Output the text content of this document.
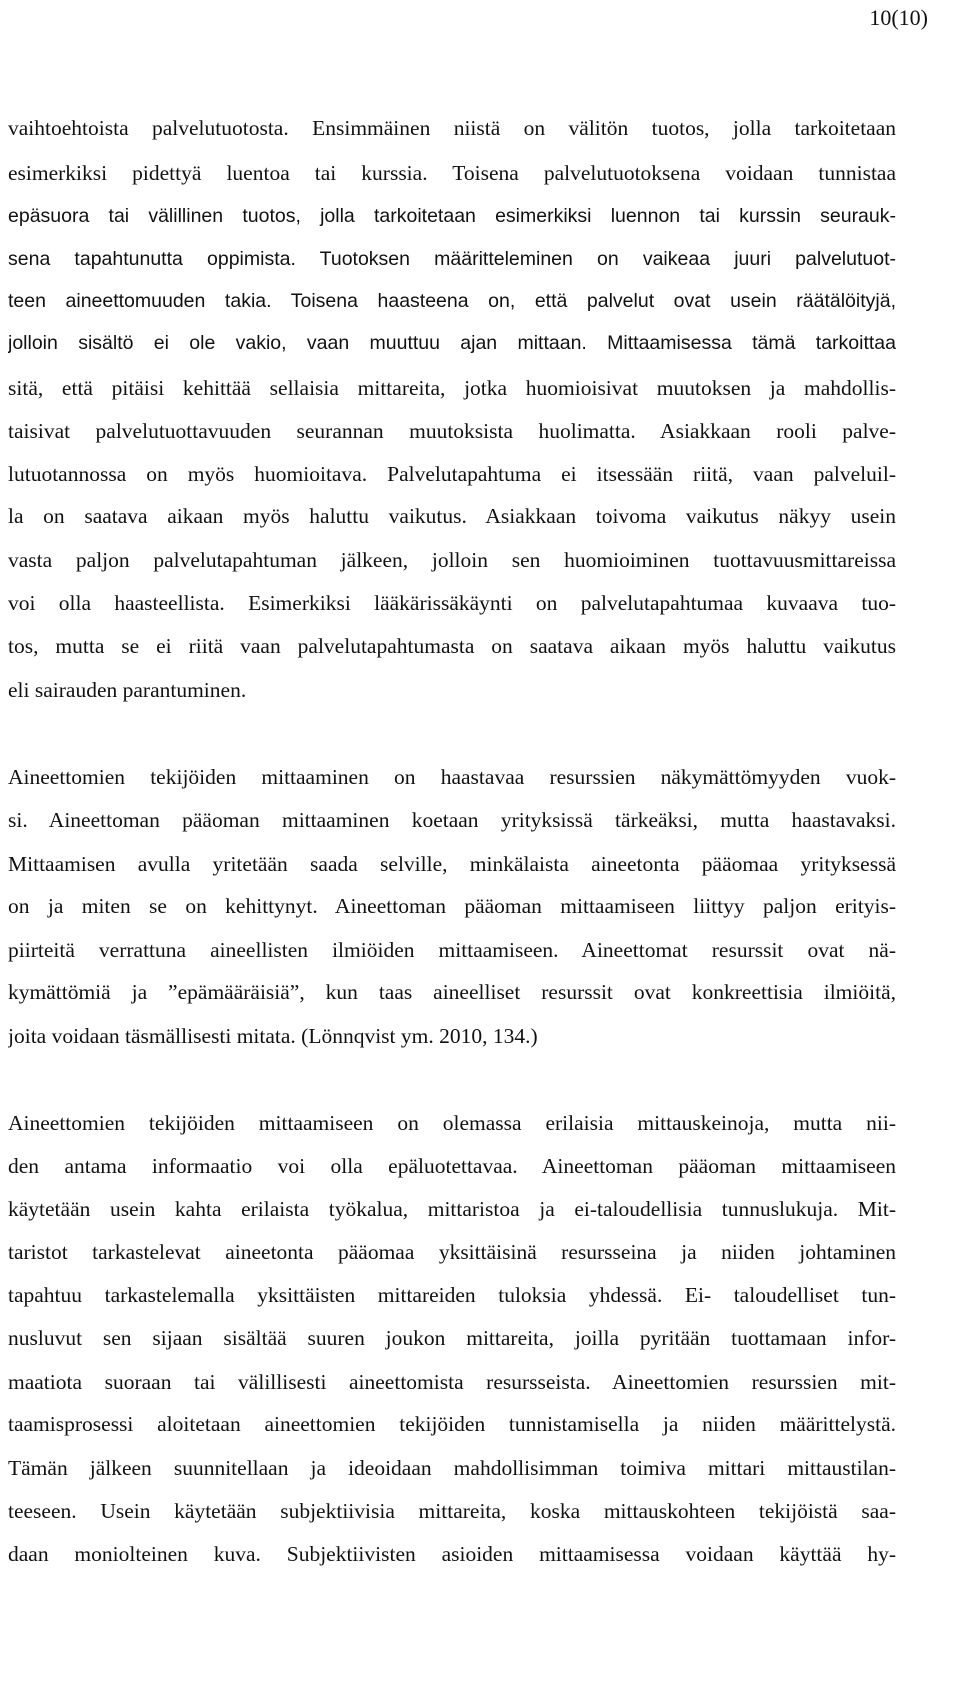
10(10)
vaihtoehtoista palvelutuotosta. Ensimmäinen niistä on välitön tuotos, jolla tarkoitetaan
esimerkiksi pidettyä luentoa tai kurssia. Toisena palvelutuotoksena voidaan tunnistaa
epäsuora tai välillinen tuotos, jolla tarkoitetaan esimerkiksi luennon tai kurssin seurauk-
sena tapahtunutta oppimista. Tuotoksen määritteleminen on vaikeaa juuri palvelutuot-
teen aineettomuuden takia. Toisena haasteena on, että palvelut ovat usein räätälöityjä,
jolloin sisältö ei ole vakio, vaan muuttuu ajan mittaan. Mittaamisessa tämä tarkoittaa
sitä, että pitäisi kehittää sellaisia mittareita, jotka huomioisivat muutoksen ja mahdollis-
taisivat palvelutuottavuuden seurannan muutoksista huolimatta. Asiakkaan rooli palve-
lutuotannossa on myös huomioitava. Palvelutapahtuma ei itsessään riitä, vaan palveluil-
la on saatava aikaan myös haluttu vaikutus. Asiakkaan toivoma vaikutus näkyy usein
vasta paljon palvelutapahtuman jälkeen, jolloin sen huomioiminen tuottavuusmittareissa
voi olla haasteellista. Esimerkiksi lääkärissäkäynti on palvelutapahtumaa kuvaava tuo-
tos, mutta se ei riitä vaan palvelutapahtumasta on saatava aikaan myös haluttu vaikutus
eli sairauden parantuminen.
Aineettomien tekijöiden mittaaminen on haastavaa resurssien näkymättömyyden vuok-
si. Aineettoman pääoman mittaaminen koetaan yrityksissä tärkeäksi, mutta haastavaksi.
Mittaamisen avulla yritetään saada selville, minkälaista aineetonta pääomaa yrityksessä
on ja miten se on kehittynyt. Aineettoman pääoman mittaamiseen liittyy paljon erityis-
piirteitä verrattuna aineellisten ilmiöiden mittaamiseen. Aineettomat resurssit ovat nä-
kymättömiä ja ”epämääräisiä”, kun taas aineelliset resurssit ovat konkreettisia ilmiöitä,
joita voidaan täsmällisesti mitata. (Lönnqvist ym. 2010, 134.)
Aineettomien tekijöiden mittaamiseen on olemassa erilaisia mittauskeinoja, mutta nii-
den antama informaatio voi olla epäluotettavaa. Aineettoman pääoman mittaamiseen
käytetään usein kahta erilaista työkalua, mittaristoa ja ei-taloudellisia tunnuslukuja. Mit-
taristot tarkastelevat aineetonta pääomaa yksittäisinä resursseina ja niiden johtaminen
tapahtuu tarkastelemalla yksittäisten mittareiden tuloksia yhdessä. Ei- taloudelliset tun-
nusluvut sen sijaan sisältää suuren joukon mittareita, joilla pyritään tuottamaan infor-
maatiota suoraan tai välillisesti aineettomista resursseista. Aineettomien resurssien mit-
taamisprosessi aloitetaan aineettomien tekijöiden tunnistamisella ja niiden määrittelystä.
Tämän jälkeen suunnitellaan ja ideoidaan mahdollisimman toimiva mittari mittaustilan-
teeseen. Usein käytetään subjektiivisia mittareita, koska mittauskohteen tekijöistä saa-
daan moniolteinen kuva. Subjektiivisten asioiden mittaamisessa voidaan käyttää hy-
